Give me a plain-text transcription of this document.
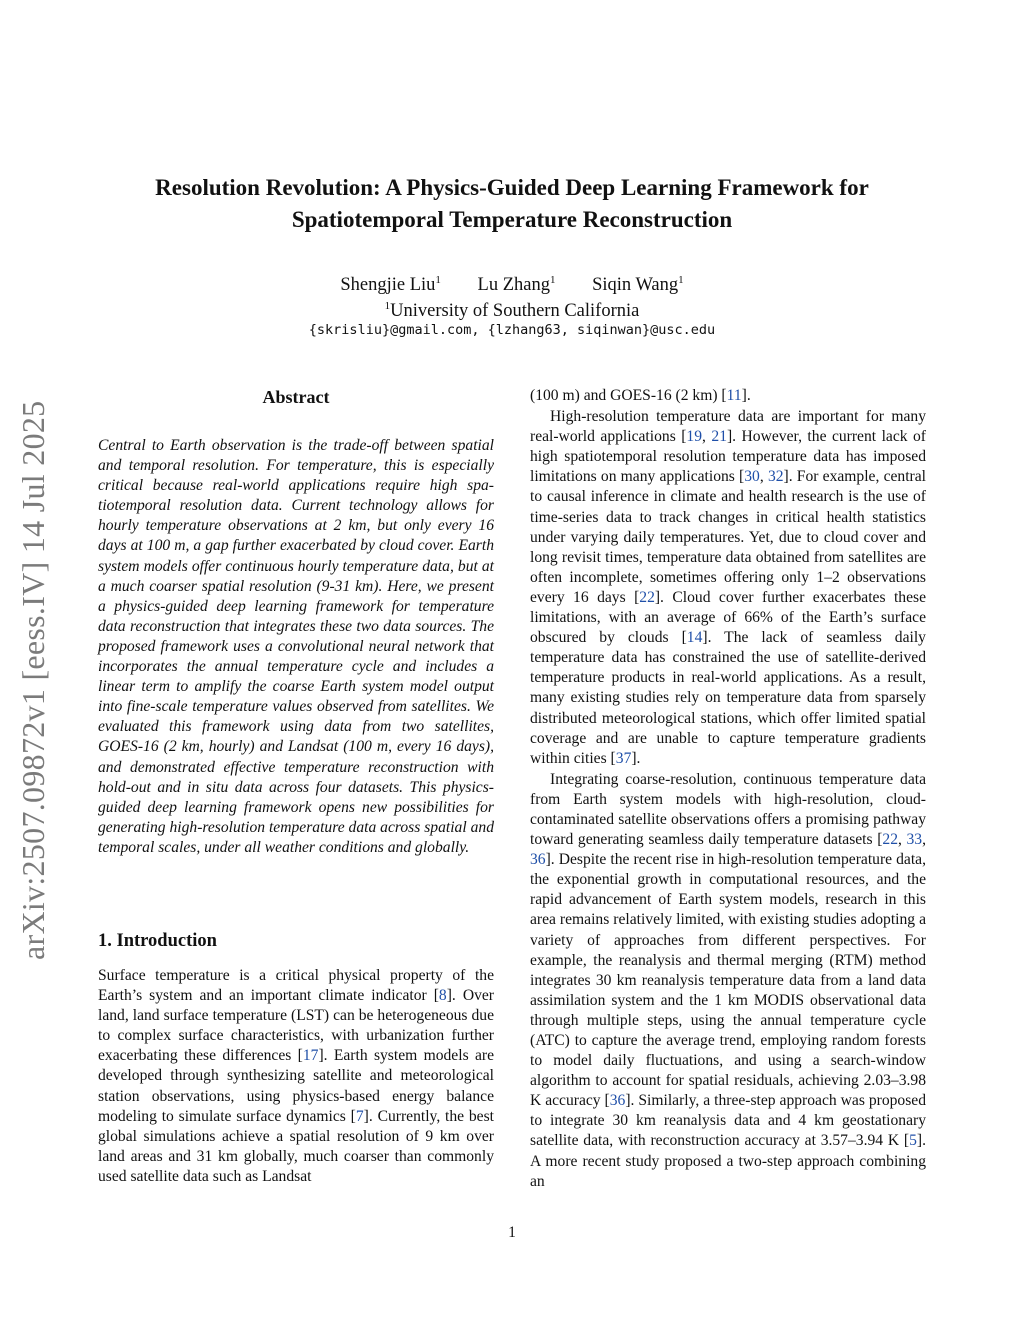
Resolution Revolution: A Physics-Guided Deep Learning Framework for
Spatiotemporal Temperature Reconstruction
Shengjie Liu$^1$ Lu Zhang$^1$ Siqin Wang$^1$
$^1$University of Southern California
{skrisliu}@gmail.com, {lzhang63, siqinwan}@usc.edu
arXiv:2507.09872v1 [eess.IV] 14 Jul 2025
Abstract

Central to Earth observation is the trade-off between spatial and temporal resolution. For temperature, this is especially critical because real-world applications require high spatiotemporal resolution data. Current technology allows for hourly temperature observations at 2 km, but only every 16 days at 100 m, a gap further exacerbated by cloud cover. Earth system models offer continuous hourly temperature data, but at a much coarser spatial resolution (9-31 km). Here, we present a physics-guided deep learning framework for temperature data reconstruction that integrates these two data sources. The proposed framework uses a convolutional neural network that incorporates the annual temperature cycle and includes a linear term to amplify the coarse Earth system model output into fine-scale temperature values observed from satellites. We evaluated this framework using data from two satellites, GOES-16 (2 km, hourly) and Landsat (100 m, every 16 days), and demonstrated effective temperature reconstruction with hold-out and in situ data across four datasets. This physics-guided deep learning framework opens new possibilities for generating high-resolution temperature data across spatial and temporal scales, under all weather conditions and globally.

1. Introduction

Surface temperature is a critical physical property of the Earth’s system and an important climate indicator [8]. Over land, land surface temperature (LST) can be heterogeneous due to complex surface characteristics, with urbanization further exacerbating these differences [17]. Earth system models are developed through synthesizing satellite and meteorological station observations, using physics-based energy balance modeling to simulate surface dynamics [7]. Currently, the best global simulations achieve a spatial resolution of 9 km over land areas and 31 km globally, much coarser than commonly used satellite data such as Landsat

(100 m) and GOES-16 (2 km) [11].

High-resolution temperature data are important for many real-world applications [19, 21]. However, the current lack of high spatiotemporal resolution temperature data has imposed limitations on many applications [30, 32]. For example, central to causal inference in climate and health research is the use of time-series data to track changes in critical health statistics under varying daily temperatures. Yet, due to cloud cover and long revisit times, temperature data obtained from satellites are often incomplete, sometimes offering only 1–2 observations every 16 days [22]. Cloud cover further exacerbates these limitations, with an average of 66% of the Earth’s surface obscured by clouds [14]. The lack of seamless daily temperature data has constrained the use of satellite-derived temperature products in real-world applications. As a result, many existing studies rely on temperature data from sparsely distributed meteorological stations, which offer limited spatial coverage and are unable to capture temperature gradients within cities [37].

Integrating coarse-resolution, continuous temperature data from Earth system models with high-resolution, cloud-contaminated satellite observations offers a promising pathway toward generating seamless daily temperature datasets [22, 33, 36]. Despite the recent rise in high-resolution temperature data, the exponential growth in computational resources, and the rapid advancement of Earth system models, research in this area remains relatively limited, with existing studies adopting a variety of approaches from different perspectives. For example, the reanalysis and thermal merging (RTM) method integrates 30 km reanalysis temperature data from a land data assimilation system and the 1 km MODIS observational data through multiple steps, using the annual temperature cycle (ATC) to capture the average trend, employing random forests to model daily fluctuations, and using a search-window algorithm to account for spatial residuals, achieving 2.03–3.98 K accuracy [36]. Similarly, a three-step approach was proposed to integrate 30 km reanalysis data and 4 km geostationary satellite data, with reconstruction accuracy at 3.57–3.94 K [5]. A more recent study proposed a two-step approach combining an

1
